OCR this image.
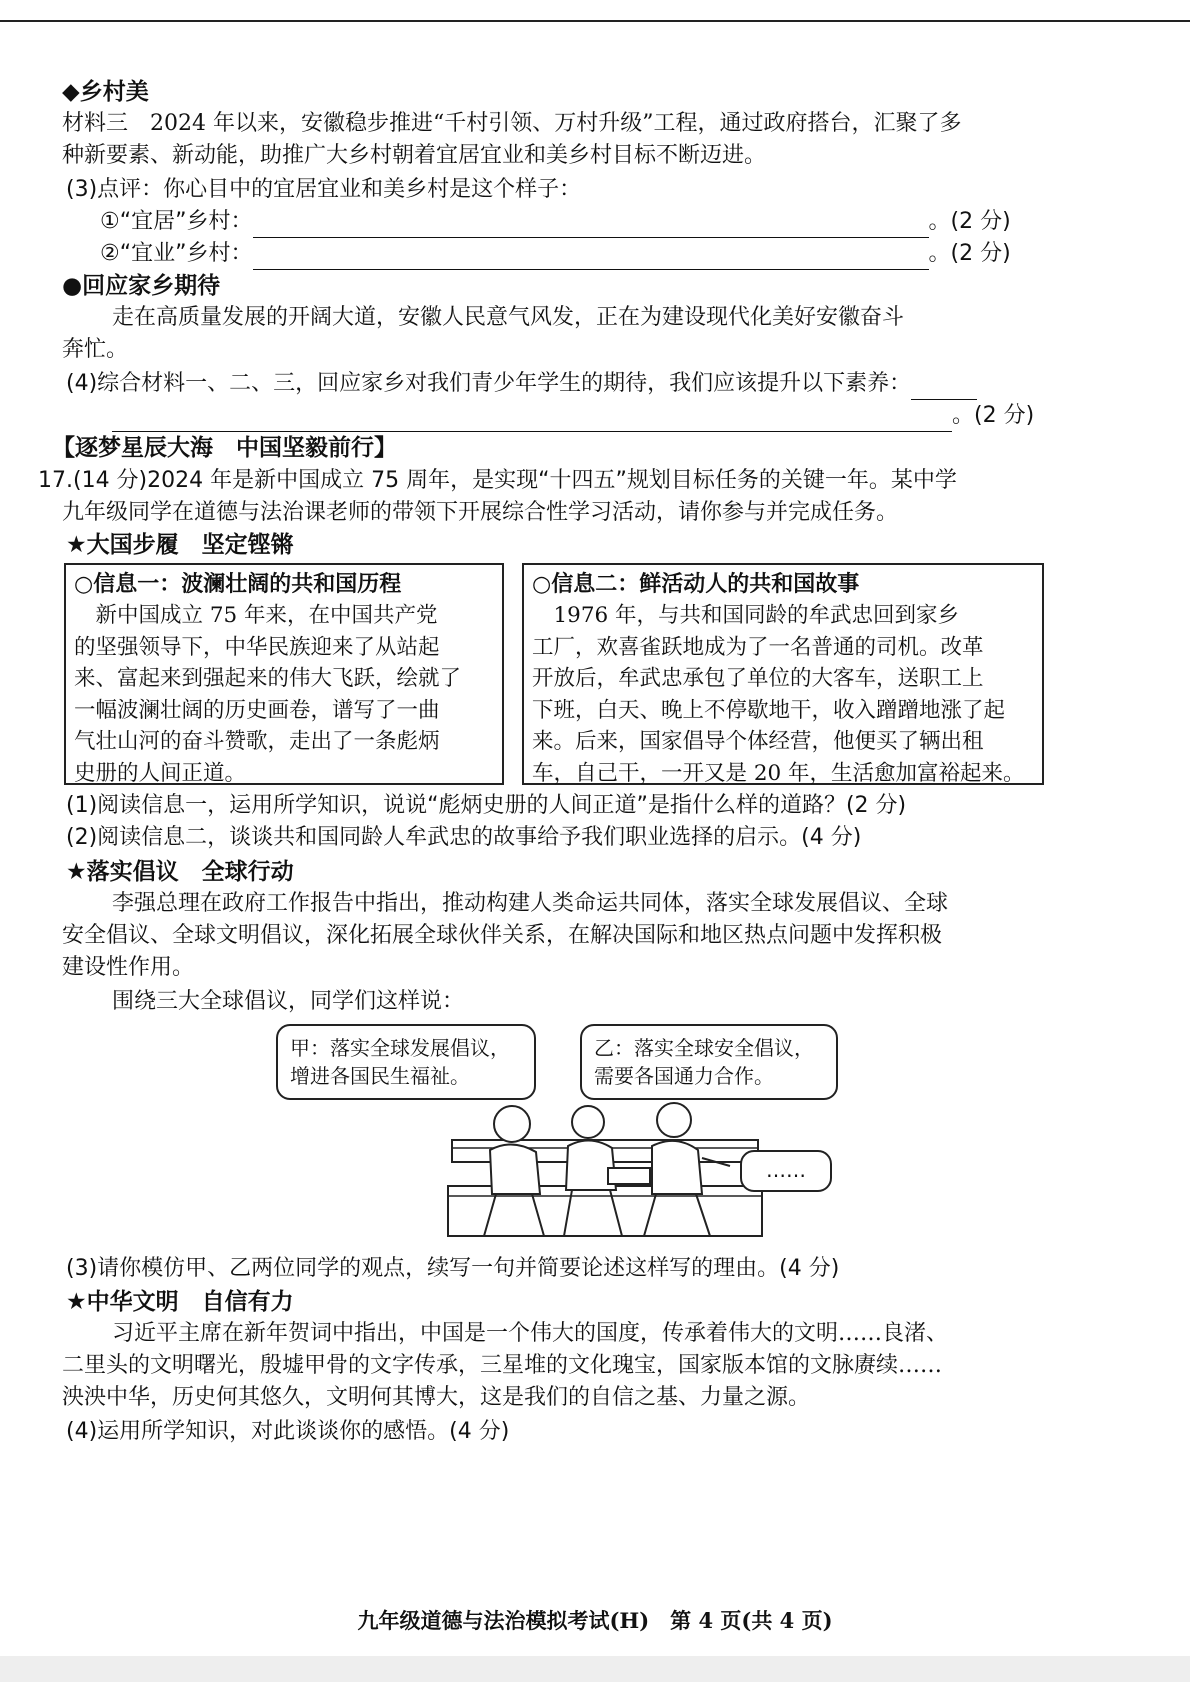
◆乡村美
材料三　2024 年以来，安徽稳步推进“千村引领、万村升级”工程，通过政府搭台，汇聚了多
种新要素、新动能，助推广大乡村朝着宜居宜业和美乡村目标不断迈进。
(3)点评：你心目中的宜居宜业和美乡村是这个样子：
①“宜居”乡村：	。(2 分)
②“宜业”乡村：	。(2 分)
●回应家乡期待
走在高质量发展的开阔大道，安徽人民意气风发，正在为建设现代化美好安徽奋斗
奔忙。
(4)综合材料一、二、三，回应家乡对我们青少年学生的期待，我们应该提升以下素养：
。(2 分)
【逐梦星辰大海　中国坚毅前行】
17.(14 分)2024 年是新中国成立 75 周年，是实现“十四五”规划目标任务的关键一年。某中学
九年级同学在道德与法治课老师的带领下开展综合性学习活动，请你参与并完成任务。
★大国步履　坚定铿锵
○信息一：波澜壮阔的共和国历程
　新中国成立 75 年来，在中国共产党
的坚强领导下，中华民族迎来了从站起
来、富起来到强起来的伟大飞跃，绘就了
一幅波澜壮阔的历史画卷，谱写了一曲
气壮山河的奋斗赞歌，走出了一条彪炳
史册的人间正道。
○信息二：鲜活动人的共和国故事
　1976 年，与共和国同龄的牟武忠回到家乡
工厂，欢喜雀跃地成为了一名普通的司机。改革
开放后，牟武忠承包了单位的大客车，送职工上
下班，白天、晚上不停歇地干，收入蹭蹭地涨了起
来。后来，国家倡导个体经营，他便买了辆出租
车，自己干，一开又是 20 年，生活愈加富裕起来。
(1)阅读信息一，运用所学知识，说说“彪炳史册的人间正道”是指什么样的道路？(2 分)
(2)阅读信息二，谈谈共和国同龄人牟武忠的故事给予我们职业选择的启示。(4 分)
★落实倡议　全球行动
李强总理在政府工作报告中指出，推动构建人类命运共同体，落实全球发展倡议、全球
安全倡议、全球文明倡议，深化拓展全球伙伴关系，在解决国际和地区热点问题中发挥积极
建设性作用。
围绕三大全球倡议，同学们这样说：
甲：落实全球发展倡议，
增进各国民生福祉。
乙：落实全球安全倡议，
需要各国通力合作。
……
(3)请你模仿甲、乙两位同学的观点，续写一句并简要论述这样写的理由。(4 分)
★中华文明　自信有力
习近平主席在新年贺词中指出，中国是一个伟大的国度，传承着伟大的文明……良渚、
二里头的文明曙光，殷墟甲骨的文字传承，三星堆的文化瑰宝，国家版本馆的文脉赓续……
泱泱中华，历史何其悠久，文明何其博大，这是我们的自信之基、力量之源。
(4)运用所学知识，对此谈谈你的感悟。(4 分)
九年级道德与法治模拟考试(H)　第 4 页(共 4 页)
